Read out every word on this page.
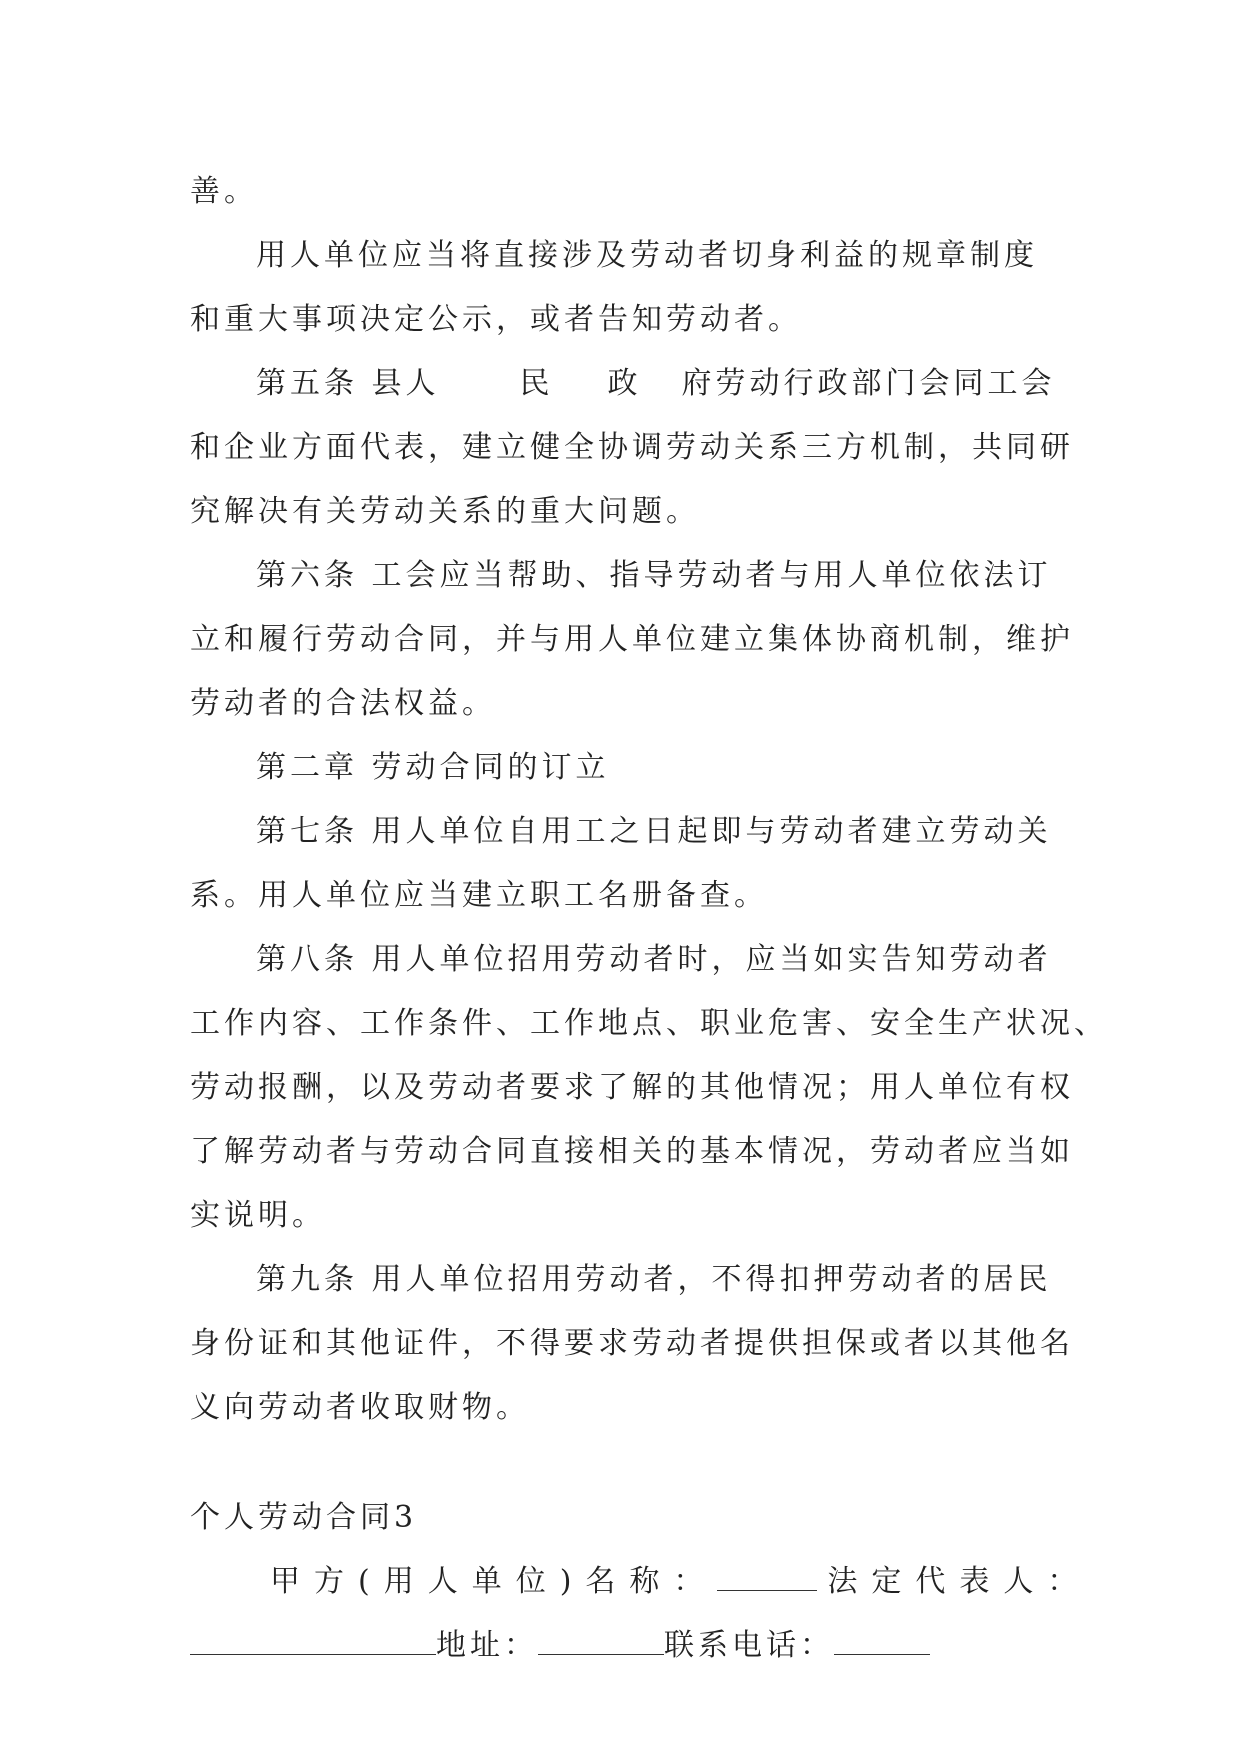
善。
用人单位应当将直接涉及劳动者切身利益的规章制度
和重大事项决定公示，或者告知劳动者。
第五条 县人	民 政 府劳动行政部门会同工会
和企业方面代表，建立健全协调劳动关系三方机制，共同研
究解决有关劳动关系的重大问题。
第六条 工会应当帮助、指导劳动者与用人单位依法订
立和履行劳动合同，并与用人单位建立集体协商机制，维护
劳动者的合法权益。
第二章 劳动合同的订立
第七条 用人单位自用工之日起即与劳动者建立劳动关
系。用人单位应当建立职工名册备查。
第八条 用人单位招用劳动者时，应当如实告知劳动者
工作内容、工作条件、工作地点、职业危害、安全生产状况、
劳动报酬，以及劳动者要求了解的其他情况；用人单位有权
了解劳动者与劳动合同直接相关的基本情况，劳动者应当如
实说明。
第九条 用人单位招用劳动者，不得扣押劳动者的居民
身份证和其他证件，不得要求劳动者提供担保或者以其他名
义向劳动者收取财物。
个人劳动合同3
甲方(用人单位)名称：	法定代表人：
地址：	联系电话：
